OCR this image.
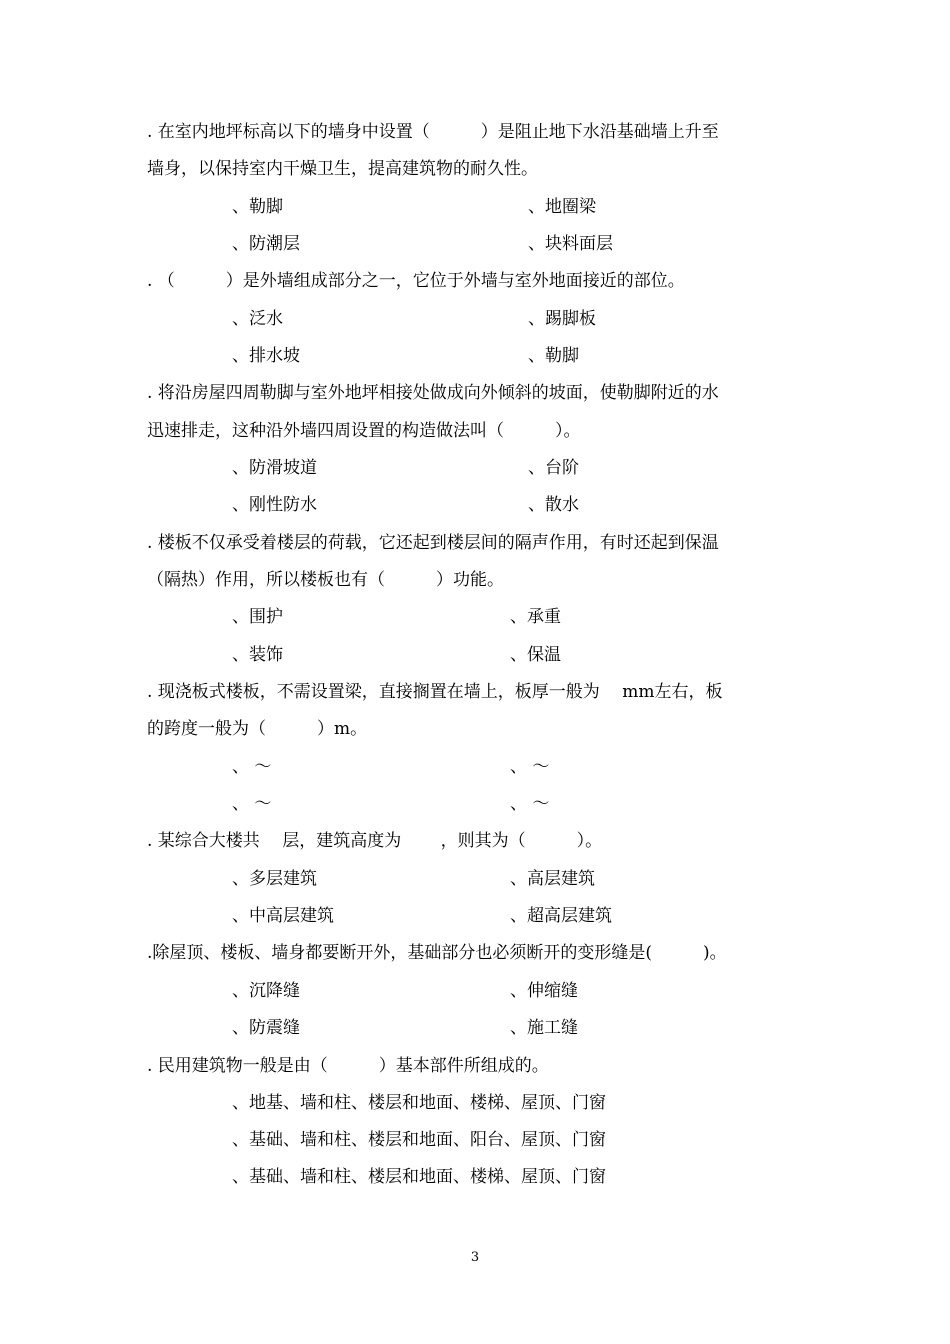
. 在室内地坪标高以下的墙身中设置（　　　）是阻止地下水沿基础墙上升至
墙身，以保持室内干燥卫生，提高建筑物的耐久性。
、勒脚	、地圈梁
、防潮层	、块料面层
. （　　　）是外墙组成部分之一，它位于外墙与室外地面接近的部位。
、泛水	、踢脚板
、排水坡	、勒脚
. 将沿房屋四周勒脚与室外地坪相接处做成向外倾斜的坡面，使勒脚附近的水
迅速排走，这种沿外墙四周设置的构造做法叫（　　　）。
、防滑坡道	、台阶
、刚性防水	、散水
. 楼板不仅承受着楼层的荷载，它还起到楼层间的隔声作用，有时还起到保温
（隔热）作用，所以楼板也有（　　　）功能。
、围护	、承重
、装饰	、保温
. 现浇板式楼板，不需设置梁，直接搁置在墙上，板厚一般为　 mm左右，板
的跨度一般为（　　　）m。
、 ～	、 ～
、 ～	、 ～
. 某综合大楼共　 层，建筑高度为　　 ，则其为（　　　）。
、多层建筑	、高层建筑
、中高层建筑	、超高层建筑
.除屋顶、楼板、墙身都要断开外，基础部分也必须断开的变形缝是(　　　)。
、沉降缝	、伸缩缝
、防震缝	、施工缝
. 民用建筑物一般是由（　　　）基本部件所组成的。
、地基、墙和柱、楼层和地面、楼梯、屋顶、门窗
、基础、墙和柱、楼层和地面、阳台、屋顶、门窗
、基础、墙和柱、楼层和地面、楼梯、屋顶、门窗
3
